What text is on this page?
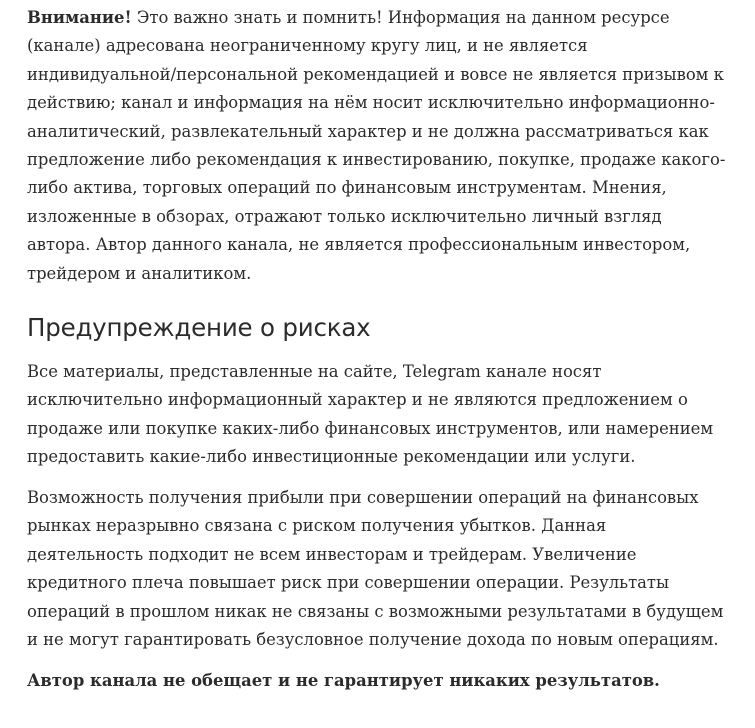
Внимание! Это важно знать и помнить! Информация на данном ресурсе (канале) адресована неограниченному кругу лиц, и не является индивидуальной/персональной рекомендацией и вовсе не является призывом к действию; канал и информация на нём носит исключительно информационно-аналитический, развлекательный характер и не должна рассматриваться как предложение либо рекомендация к инвестированию, покупке, продаже какого-либо актива, торговых операций по финансовым инструментам. Мнения, изложенные в обзорах, отражают только исключительно личный взгляд автора. Автор данного канала, не является профессиональным инвестором, трейдером и аналитиком.

Предупреждение о рисках

Все материалы, представленные на сайте, Telegram канале носят исключительно информационный характер и не являются предложением о продаже или покупке каких-либо финансовых инструментов, или намерением предоставить какие-либо инвестиционные рекомендации или услуги.

Возможность получения прибыли при совершении операций на финансовых рынках неразрывно связана с риском получения убытков. Данная деятельность подходит не всем инвесторам и трейдерам. Увеличение кредитного плеча повышает риск при совершении операции. Результаты операций в прошлом никак не связаны с возможными результатами в будущем и не могут гарантировать безусловное получение дохода по новым операциям.

Автор канала не обещает и не гарантирует никаких результатов.
